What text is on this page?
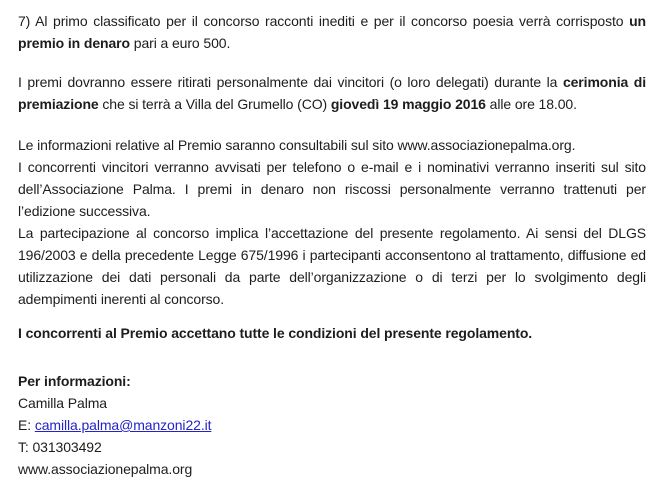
7) Al primo classificato per il concorso racconti inediti e per il concorso poesia verrà corrisposto un premio in denaro pari a euro 500.

I premi dovranno essere ritirati personalmente dai vincitori (o loro delegati) durante la cerimonia di premiazione che si terrà a Villa del Grumello (CO) giovedì 19 maggio 2016 alle ore 18.00.

Le informazioni relative al Premio saranno consultabili sul sito www.associazionepalma.org.

I concorrenti vincitori verranno avvisati per telefono o e-mail e i nominativi verranno inseriti sul sito dell’Associazione Palma. I premi in denaro non riscossi personalmente verranno trattenuti per l’edizione successiva.

La partecipazione al concorso implica l’accettazione del presente regolamento. Ai sensi del DLGS 196/2003 e della precedente Legge 675/1996 i partecipanti acconsentono al trattamento, diffusione ed utilizzazione dei dati personali da parte dell’organizzazione o di terzi per lo svolgimento degli adempimenti inerenti al concorso.

I concorrenti al Premio accettano tutte le condizioni del presente regolamento.

Per informazioni:

Camilla Palma

E: camilla.palma@manzoni22.it

T: 031303492

www.associazionepalma.org
